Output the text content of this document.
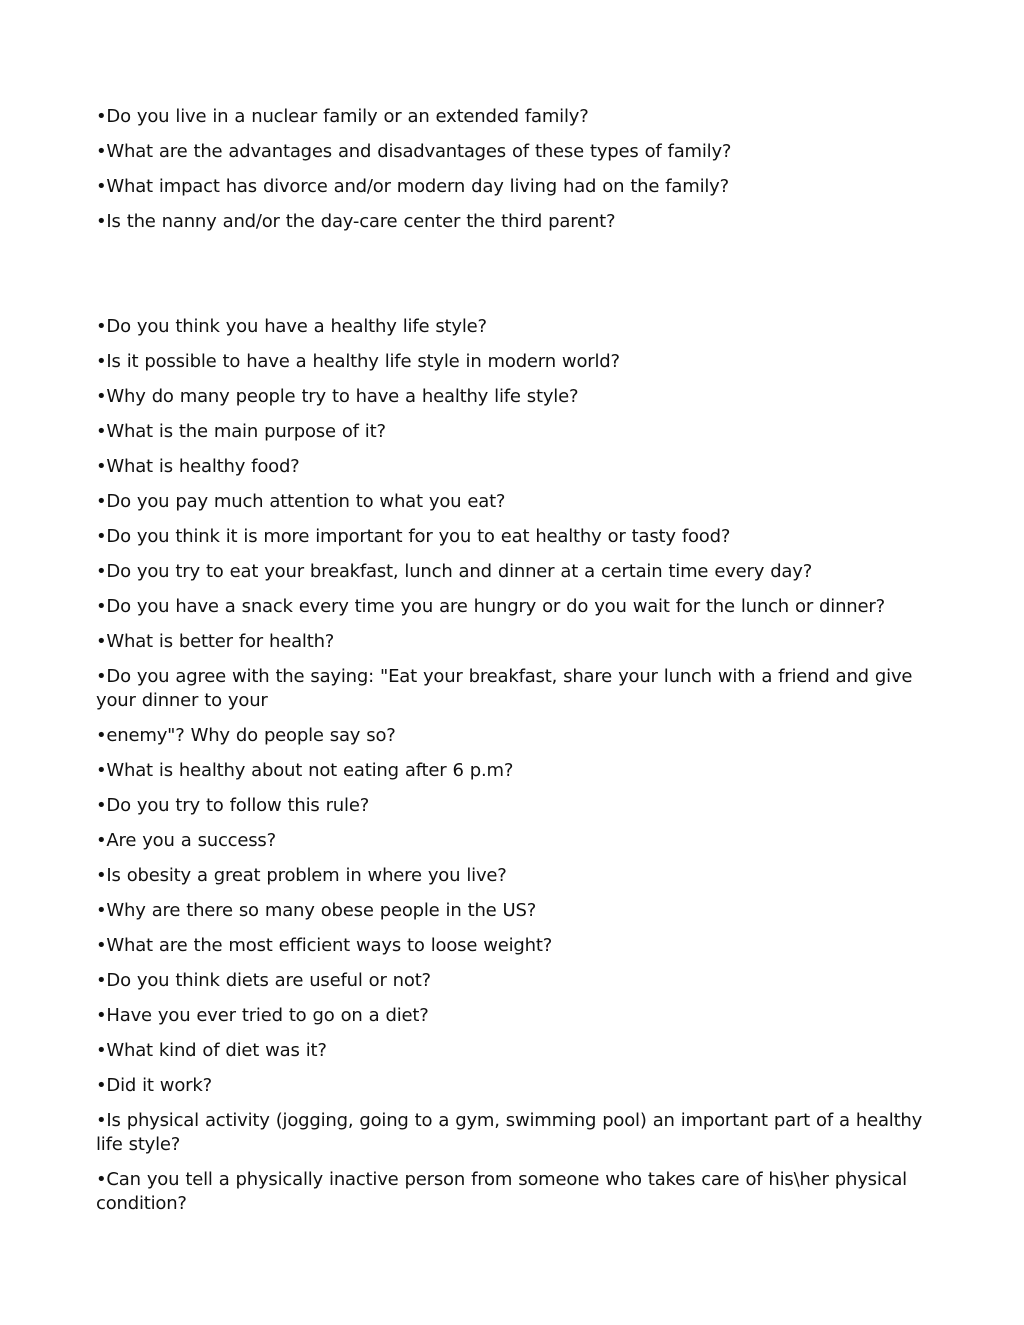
•Do you live in a nuclear family or an extended family?

•What are the advantages and disadvantages of these types of family?

•What impact has divorce and/or modern day living had on the family?

•Is the nanny and/or the day-care center the third parent?

•Do you think you have a healthy life style?

•Is it possible to have a healthy life style in modern world?

•Why do many people try to have a healthy life style?

•What is the main purpose of it?

•What is healthy food?

•Do you pay much attention to what you eat?

•Do you think it is more important for you to eat healthy or tasty food?

•Do you try to eat your breakfast, lunch and dinner at a certain time every day?

•Do you have a snack every time you are hungry or do you wait for the lunch or dinner?

•What is better for health?

•Do you agree with the saying: "Eat your breakfast, share your lunch with a friend and give your dinner to your

•enemy"? Why do people say so?

•What is healthy about not eating after 6 p.m?

•Do you try to follow this rule?

•Are you a success?

•Is obesity a great problem in where you live?

•Why are there so many obese people in the US?

•What are the most efficient ways to loose weight?

•Do you think diets are useful or not?

•Have you ever tried to go on a diet?

•What kind of diet was it?

•Did it work?

•Is physical activity (jogging, going to a gym, swimming pool) an important part of a healthy life style?

•Can you tell a physically inactive person from someone who takes care of his\her physical condition?
